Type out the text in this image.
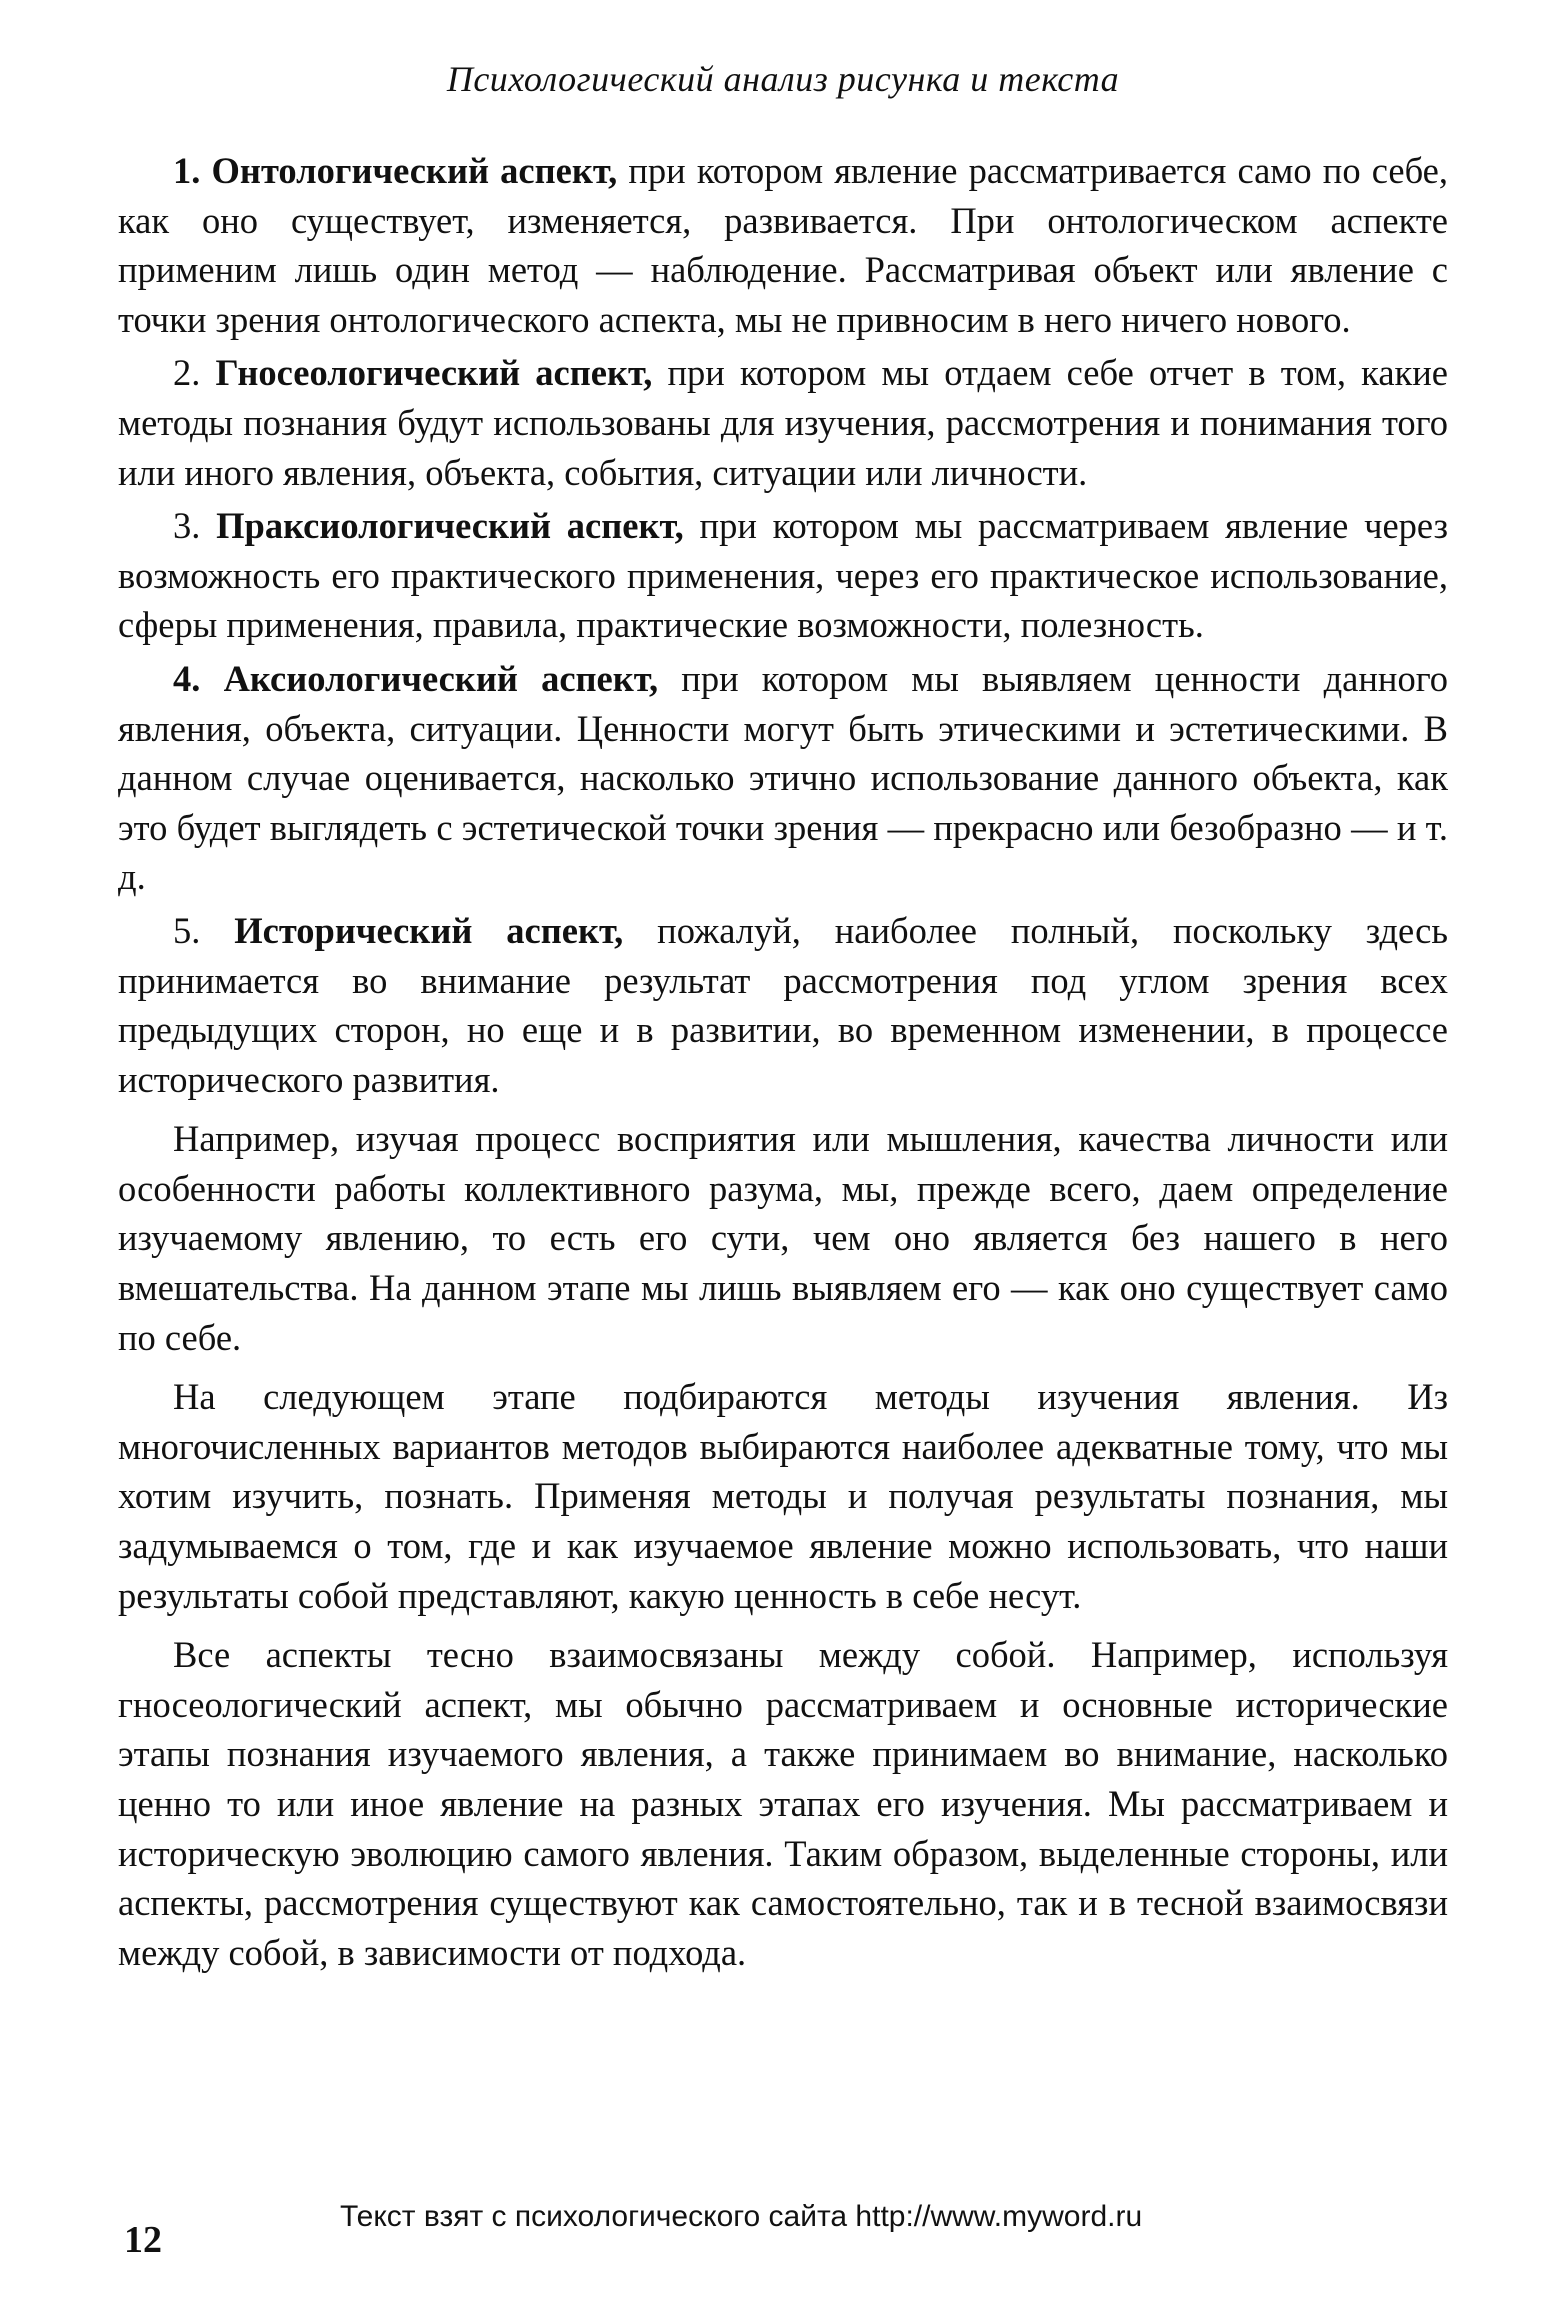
Психологический анализ рисунка и текста

1. Онтологический аспект, при котором явление рассматривается само по себе, как оно существует, изменяется, развивается. При онтологическом аспекте применим лишь один метод — наблюдение. Рассматривая объект или явление с точки зрения онтологического аспекта, мы не привносим в него ничего нового.

2. Гносеологический аспект, при котором мы отдаем себе отчет в том, какие методы познания будут использованы для изучения, рассмотрения и понимания того или иного явления, объекта, события, ситуации или личности.

3. Праксиологический аспект, при котором мы рассматриваем явление через возможность его практического применения, через его практическое использование, сферы применения, правила, практические возможности, полезность.

4. Аксиологический аспект, при котором мы выявляем ценности данного явления, объекта, ситуации. Ценности могут быть этическими и эстетическими. В данном случае оценивается, насколько этично использование данного объекта, как это будет выглядеть с эстетической точки зрения — прекрасно или безобразно — и т. д.

5. Исторический аспект, пожалуй, наиболее полный, поскольку здесь принимается во внимание результат рассмотрения под углом зрения всех предыдущих сторон, но еще и в развитии, во временном изменении, в процессе исторического развития.

Например, изучая процесс восприятия или мышления, качества личности или особенности работы коллективного разума, мы, прежде всего, даем определение изучаемому явлению, то есть его сути, чем оно является без нашего в него вмешательства. На данном этапе мы лишь выявляем его — как оно существует само по себе.

На следующем этапе подбираются методы изучения явления. Из многочисленных вариантов методов выбираются наиболее адекватные тому, что мы хотим изучить, познать. Применяя методы и получая результаты познания, мы задумываемся о том, где и как изучаемое явление можно использовать, что наши результаты собой представляют, какую ценность в себе несут.

Все аспекты тесно взаимосвязаны между собой. Например, используя гносеологический аспект, мы обычно рассматриваем и основные исторические этапы познания изучаемого явления, а также принимаем во внимание, насколько ценно то или иное явление на разных этапах его изучения. Мы рассматриваем и историческую эволюцию самого явления. Таким образом, выделенные стороны, или аспекты, рассмотрения существуют как самостоятельно, так и в тесной взаимосвязи между собой, в зависимости от подхода.

12
Текст взят с психологического сайта http://www.myword.ru
